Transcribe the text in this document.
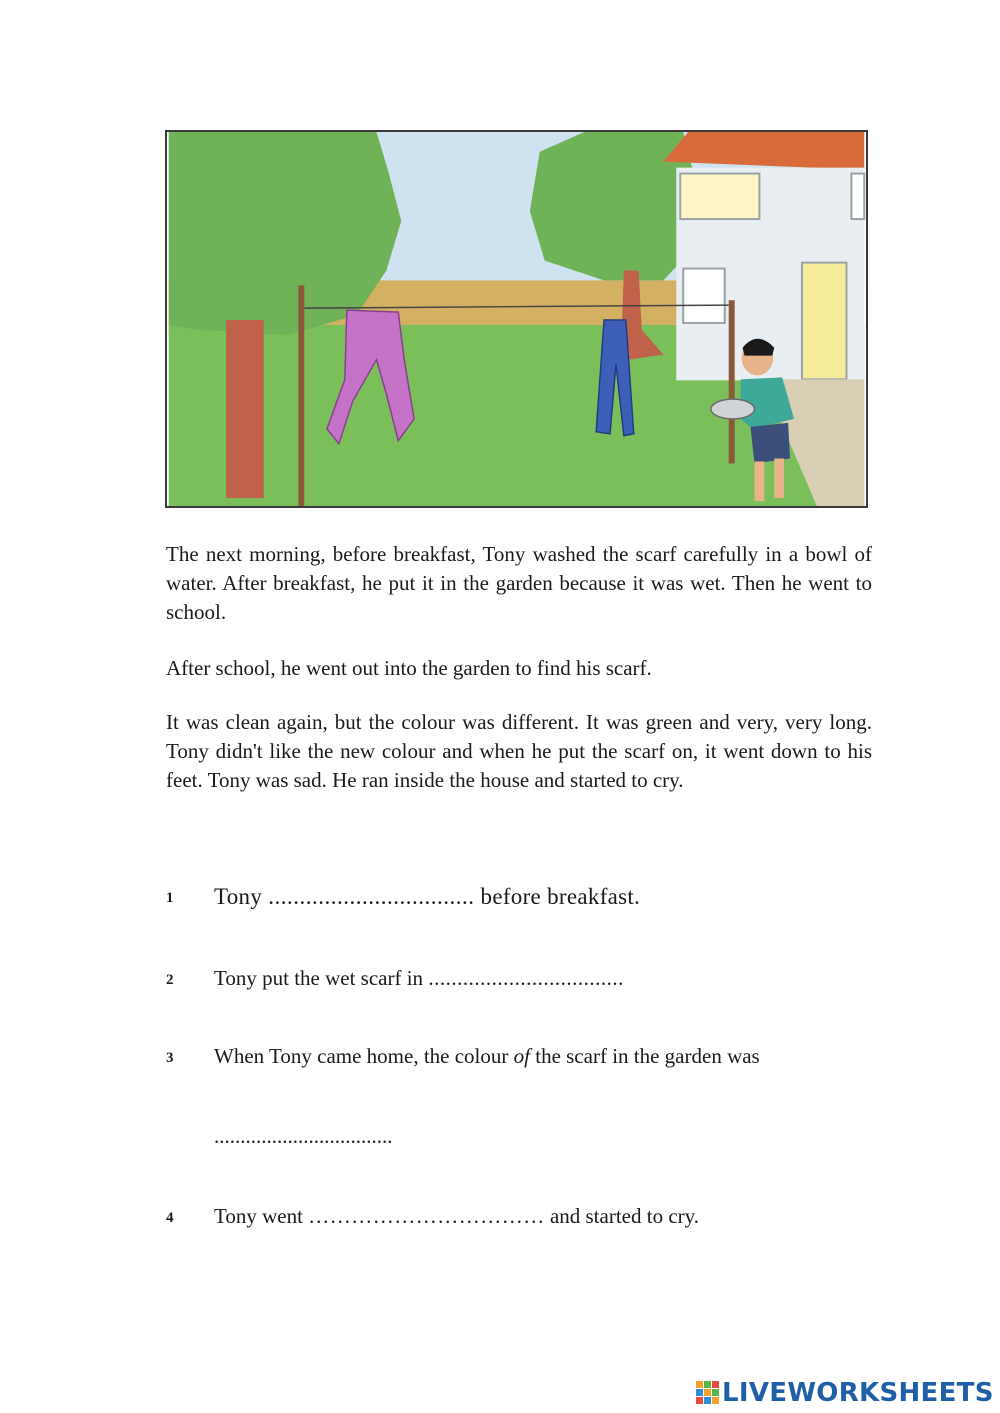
The next morning, before breakfast, Tony washed the scarf carefully in a bowl of water. After breakfast, he put it in the garden because it was wet. Then he went to school.

After school, he went out into the garden to find his scarf.

It was clean again, but the colour was different. It was green and very, very long. Tony didn't like the new colour and when he put the scarf on, it went down to his feet. Tony was sad. He ran inside the house and started to cry.

1 Tony ................................. before breakfast.
2 Tony put the wet scarf in ..................................
3 When Tony came home, the colour of the scarf in the garden was
..................................
4 Tony went …………………………… and started to cry.
LIVEWORKSHEETS
